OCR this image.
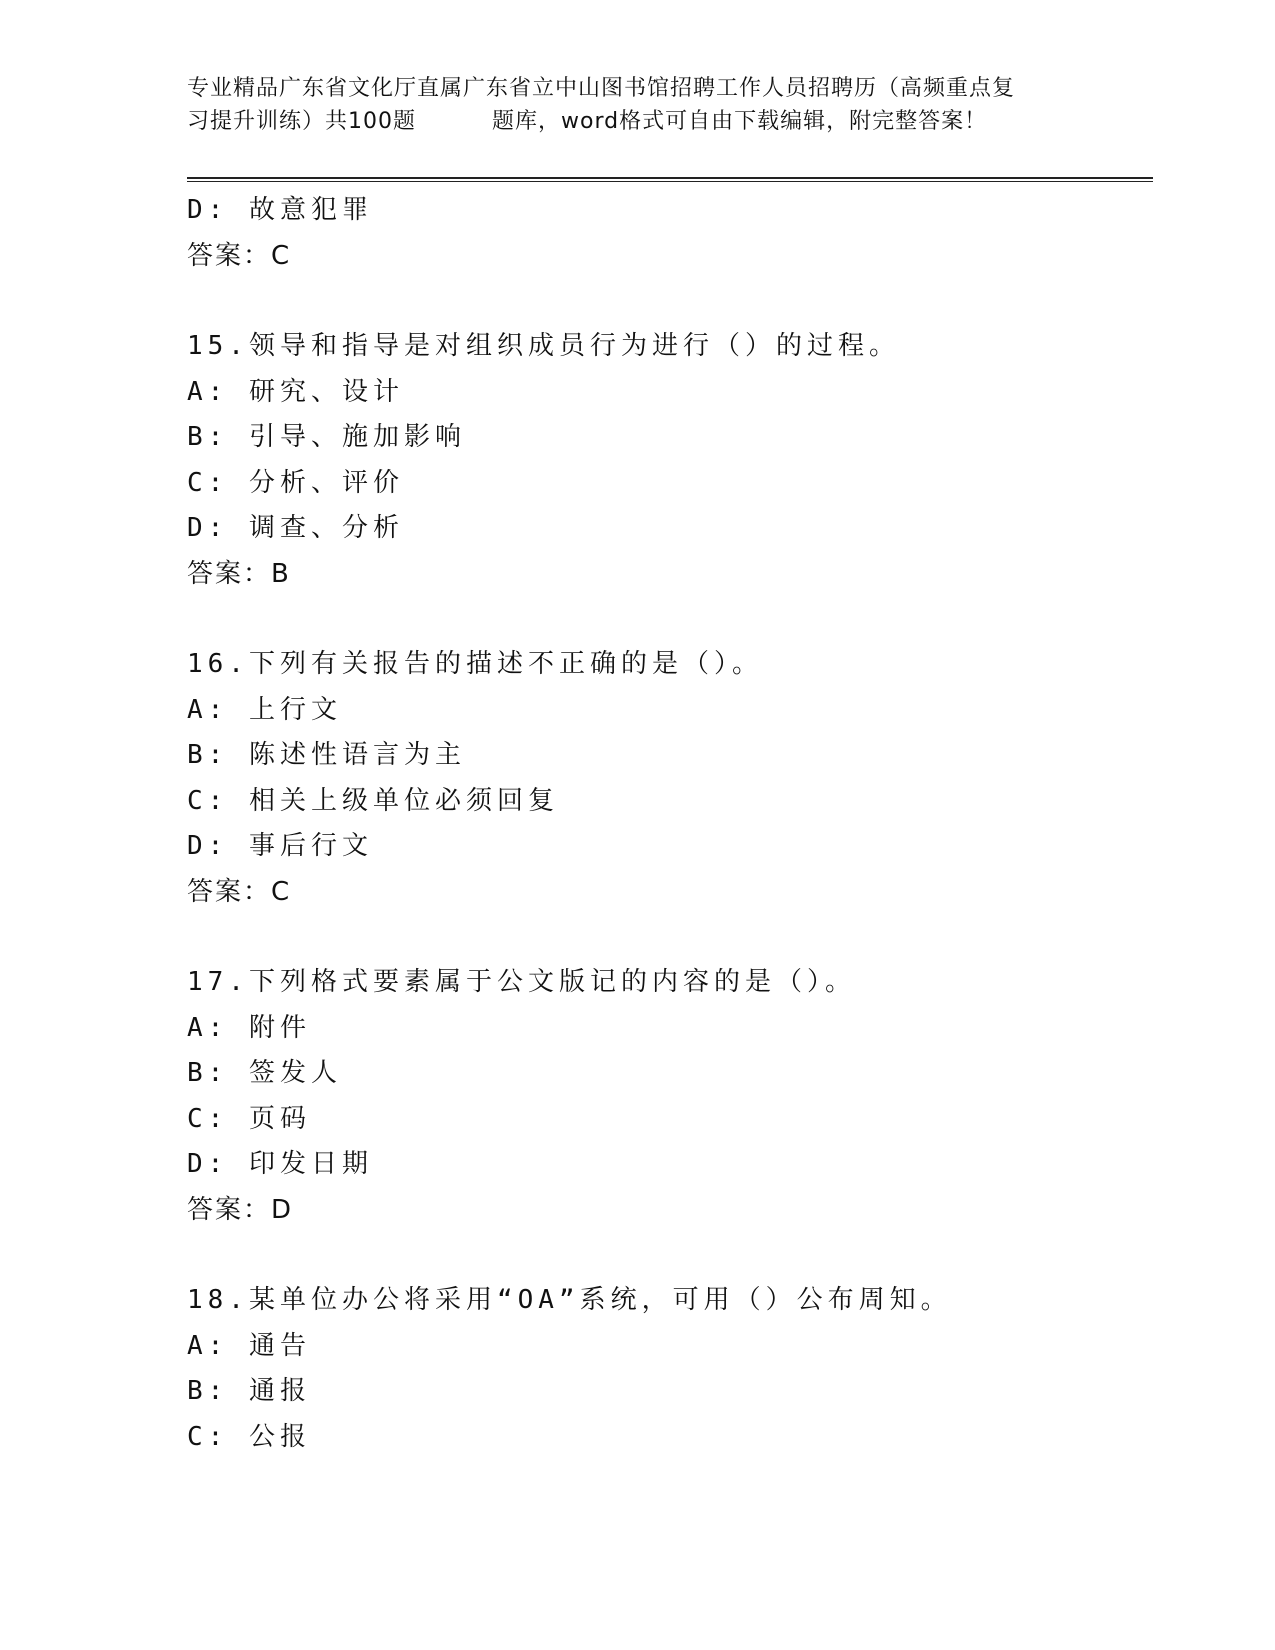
专业精品广东省文化厅直属广东省立中山图书馆招聘工作人员招聘历（高频重点复
习提升训练）共100题	题库，word格式可自由下载编辑，附完整答案！
D: 故意犯罪
答案：C
15.领导和指导是对组织成员行为进行（）的过程。
A: 研究、设计
B: 引导、施加影响
C: 分析、评价
D: 调查、分析
答案：B
16.下列有关报告的描述不正确的是（）。
A: 上行文
B: 陈述性语言为主
C: 相关上级单位必须回复
D: 事后行文
答案：C
17.下列格式要素属于公文版记的内容的是（）。
A: 附件
B: 签发人
C: 页码
D: 印发日期
答案：D
18.某单位办公将采用“OA”系统，可用（）公布周知。
A: 通告
B: 通报
C: 公报
